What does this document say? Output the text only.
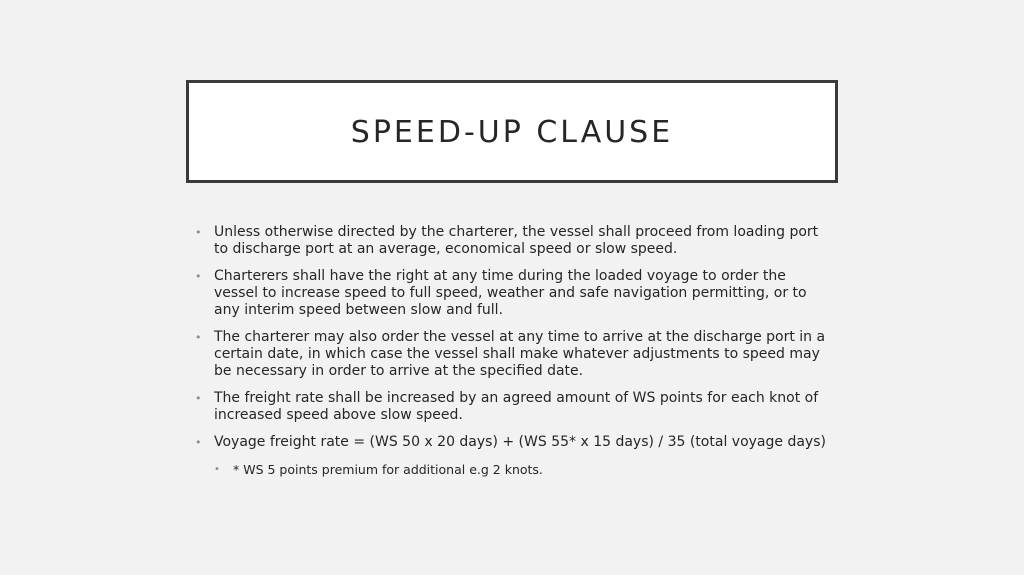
SPEED-UP CLAUSE
• Unless otherwise directed by the charterer, the vessel shall proceed from loading port to discharge port at an average, economical speed or slow speed.
• Charterers shall have the right at any time during the loaded voyage to order the vessel to increase speed to full speed, weather and safe navigation permitting, or to any interim speed between slow and full.
• The charterer may also order the vessel at any time to arrive at the discharge port in a certain date, in which case the vessel shall make whatever adjustments to speed may be necessary in order to arrive at the specified date.
• The freight rate shall be increased by an agreed amount of WS points for each knot of increased speed above slow speed.
• Voyage freight rate = (WS 50 x 20 days) + (WS 55* x 15 days) / 35 (total voyage days)
• * WS 5 points premium for additional e.g 2 knots.
